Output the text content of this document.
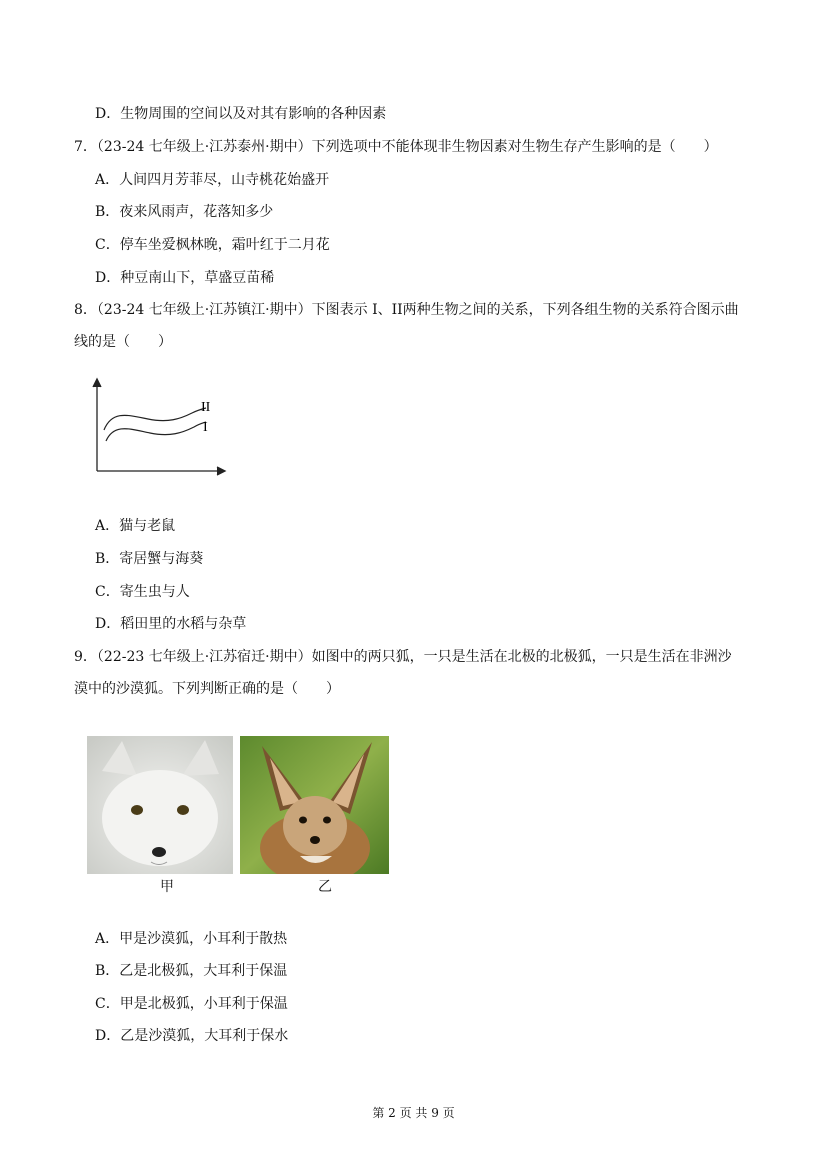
D．生物周围的空间以及对其有影响的各种因素
7．（23-24 七年级上·江苏泰州·期中）下列选项中不能体现非生物因素对生物生存产生影响的是（　　）
A．人间四月芳菲尽，山寺桃花始盛开
B．夜来风雨声，花落知多少
C．停车坐爱枫林晚，霜叶红于二月花
D．种豆南山下，草盛豆苗稀
8．（23-24 七年级上·江苏镇江·期中）下图表示 I、II两种生物之间的关系，下列各组生物的关系符合图示曲
线的是（　　）
II
I
A．猫与老鼠
B．寄居蟹与海葵
C．寄生虫与人
D．稻田里的水稻与杂草
9．（22-23 七年级上·江苏宿迁·期中）如图中的两只狐，一只是生活在北极的北极狐，一只是生活在非洲沙
漠中的沙漠狐。下列判断正确的是（　　）
甲	乙
A．甲是沙漠狐，小耳利于散热
B．乙是北极狐，大耳利于保温
C．甲是北极狐，小耳利于保温
D．乙是沙漠狐，大耳利于保水
第 2 页 共 9 页
